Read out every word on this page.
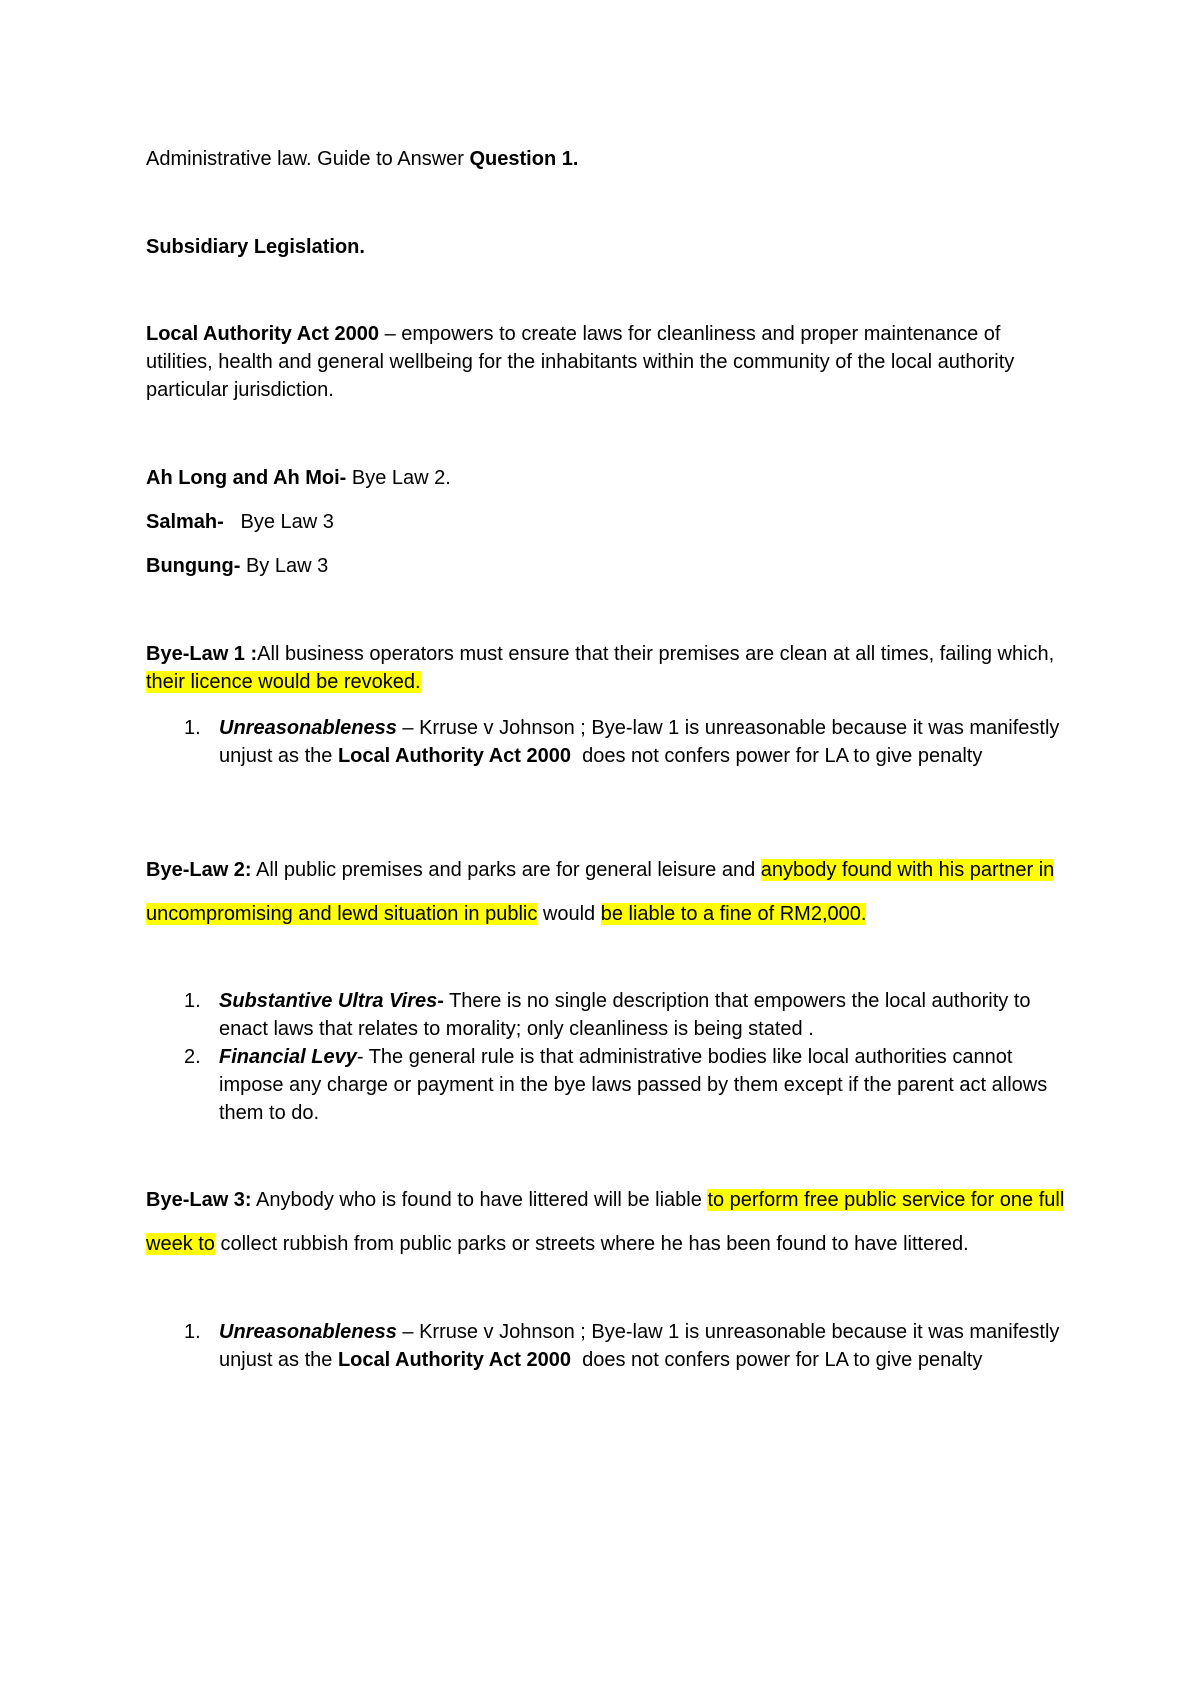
Administrative law. Guide to Answer Question 1.

Subsidiary Legislation.

Local Authority Act 2000 – empowers to create laws for cleanliness and proper maintenance of utilities, health and general wellbeing for the inhabitants within the community of the local authority particular jurisdiction.

Ah Long and Ah Moi- Bye Law 2.

Salmah-   Bye Law 3

Bungung- By Law 3

Bye-Law 1 :All business operators must ensure that their premises are clean at all times, failing which, their licence would be revoked.

1. Unreasonableness – Krruse v Johnson ; Bye-law 1 is unreasonable because it was manifestly unjust as the Local Authority Act 2000  does not confers power for LA to give penalty

Bye-Law 2: All public premises and parks are for general leisure and anybody found with his partner in uncompromising and lewd situation in public would be liable to a fine of RM2,000.

1. Substantive Ultra Vires- There is no single description that empowers the local authority to enact laws that relates to morality; only cleanliness is being stated .
2. Financial Levy- The general rule is that administrative bodies like local authorities cannot impose any charge or payment in the bye laws passed by them except if the parent act allows them to do.

Bye-Law 3: Anybody who is found to have littered will be liable to perform free public service for one full week to collect rubbish from public parks or streets where he has been found to have littered.

1. Unreasonableness – Krruse v Johnson ; Bye-law 1 is unreasonable because it was manifestly unjust as the Local Authority Act 2000  does not confers power for LA to give penalty
